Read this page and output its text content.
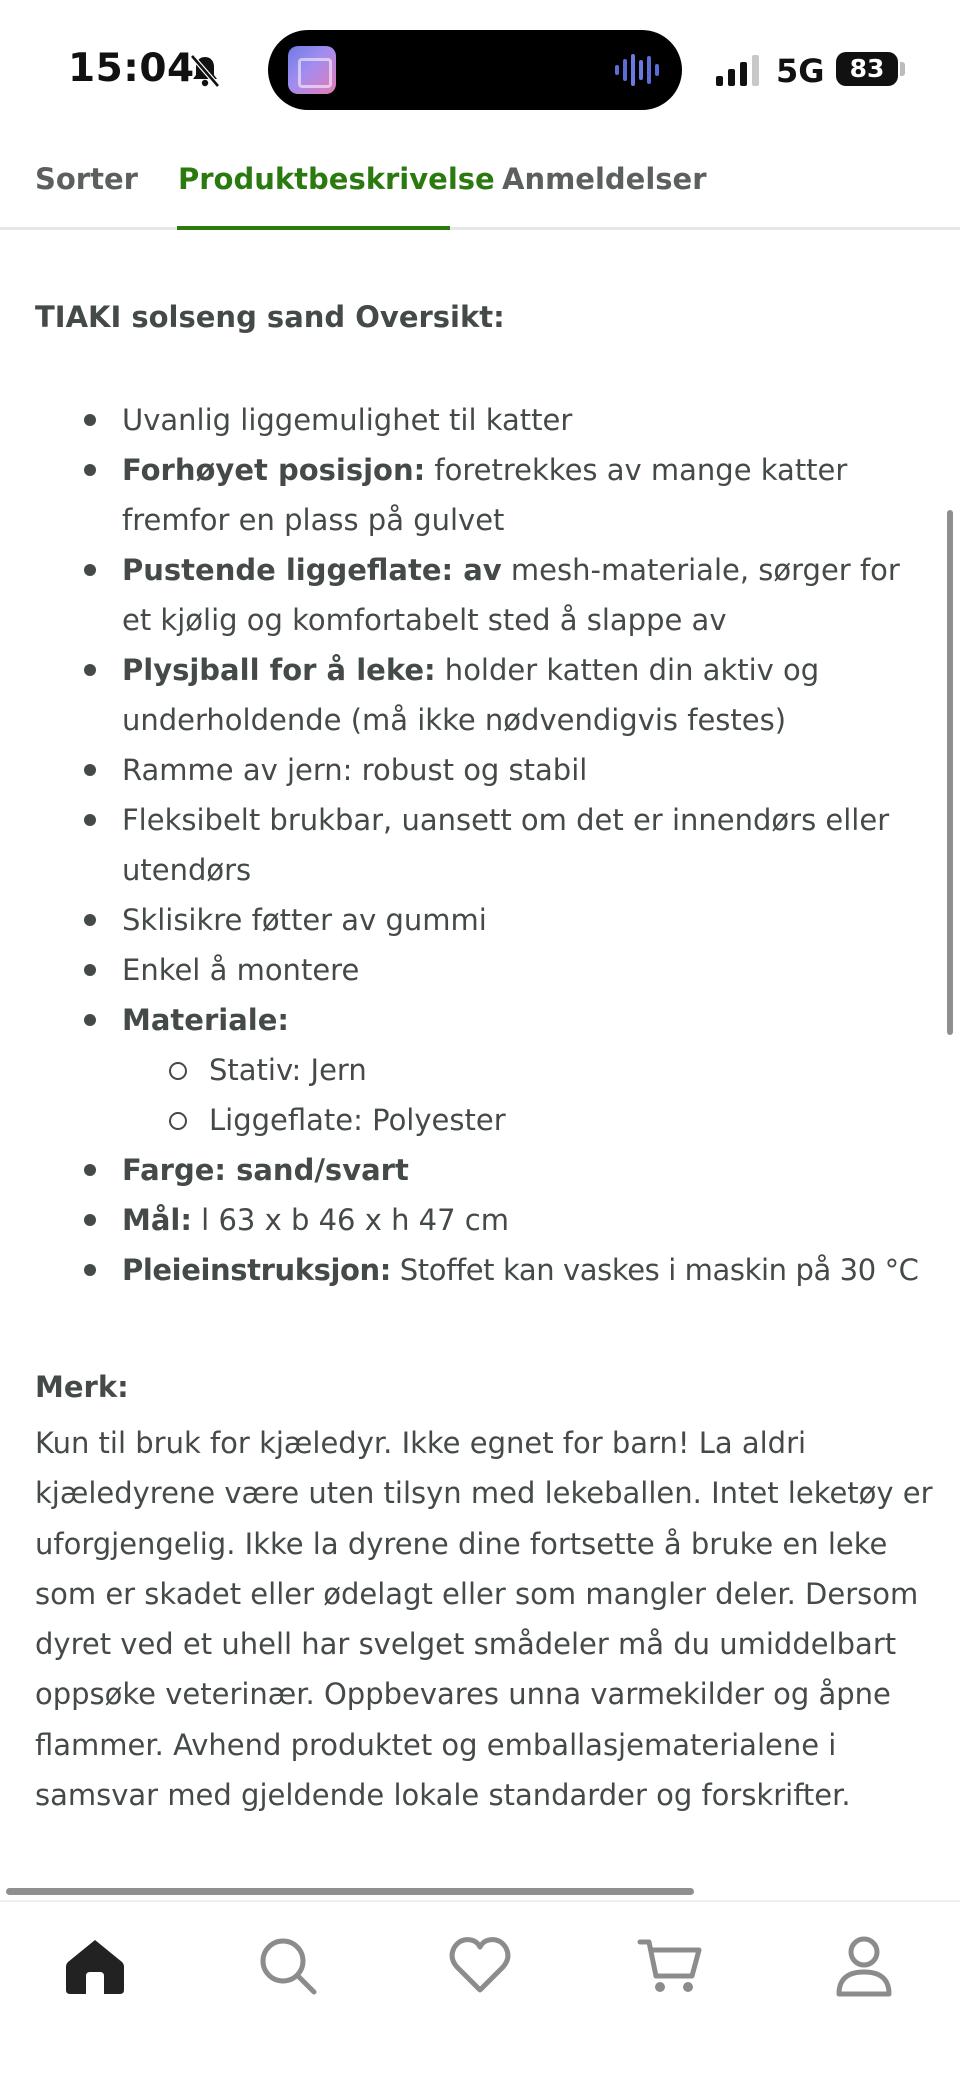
15:04	5G	83
Sorter Produktbeskrivelse Anmeldelser
TIAKI solseng sand Oversikt:
Uvanlig liggemulighet til katter
Forhøyet posisjon: foretrekkes av mange katter fremfor en plass på gulvet
Pustende liggeflate: av mesh-materiale, sørger for et kjølig og komfortabelt sted å slappe av
Plysjball for å leke: holder katten din aktiv og underholdende (må ikke nødvendigvis festes)
Ramme av jern: robust og stabil
Fleksibelt brukbar, uansett om det er innendørs eller utendørs
Sklisikre føtter av gummi
Enkel å montere
Materiale:
Stativ: Jern
Liggeflate: Polyester
Farge: sand/svart
Mål: l 63 x b 46 x h 47 cm
Pleieinstruksjon: Stoffet kan vaskes i maskin på 30 °C
Merk:
Kun til bruk for kjæledyr. Ikke egnet for barn! La aldri kjæledyrene være uten tilsyn med lekeballen. Intet leketøy er uforgjengelig. Ikke la dyrene dine fortsette å bruke en leke som er skadet eller ødelagt eller som mangler deler. Dersom dyret ved et uhell har svelget smådeler må du umiddelbart oppsøke veterinær. Oppbevares unna varmekilder og åpne flammer. Avhend produktet og emballasjematerialene i samsvar med gjeldende lokale standarder og forskrifter.
